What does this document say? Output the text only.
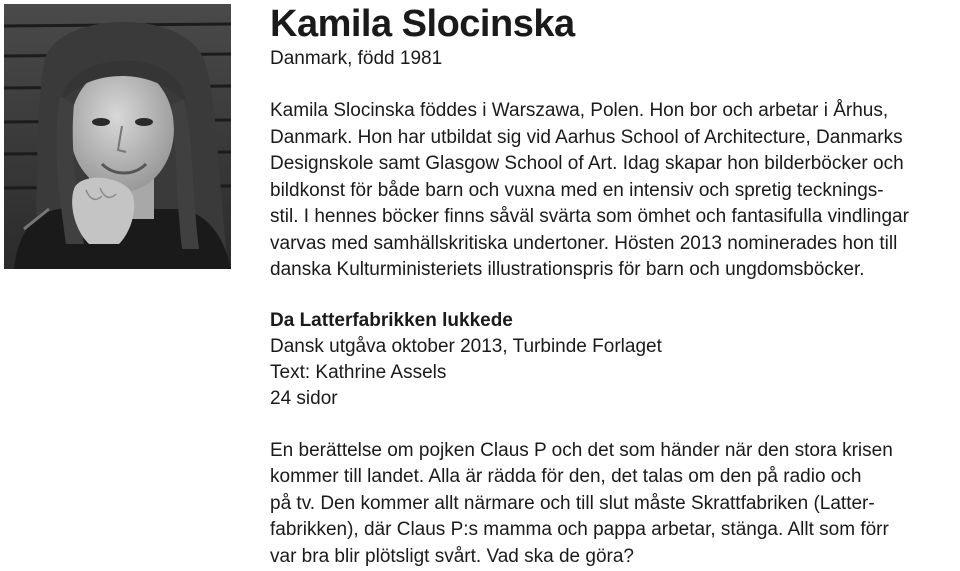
Kamila Slocinska

Danmark, född 1981

Kamila Slocinska föddes i Warszawa, Polen. Hon bor och arbetar i Århus,
Danmark. Hon har utbildat sig vid Aarhus School of Architecture, Danmarks
Designskole samt Glasgow School of Art. Idag skapar hon bilderböcker och
bildkonst för både barn och vuxna med en intensiv och spretig tecknings-
stil. I hennes böcker finns såväl svärta som ömhet och fantasifulla vindlingar
varvas med samhällskritiska undertoner. Hösten 2013 nominerades hon till
danska Kulturministeriets illustrationspris för barn och ungdomsböcker.
Da Latterfabrikken lukkede
Dansk utgåva oktober 2013, Turbinde Forlaget
Text: Kathrine Assels
24 sidor
En berättelse om pojken Claus P och det som händer när den stora krisen
kommer till landet. Alla är rädda för den, det talas om den på radio och
på tv. Den kommer allt närmare och till slut måste Skrattfabriken (Latter-
fabrikken), där Claus P:s mamma och pappa arbetar, stänga. Allt som förr
var bra blir plötsligt svårt. Vad ska de göra?
